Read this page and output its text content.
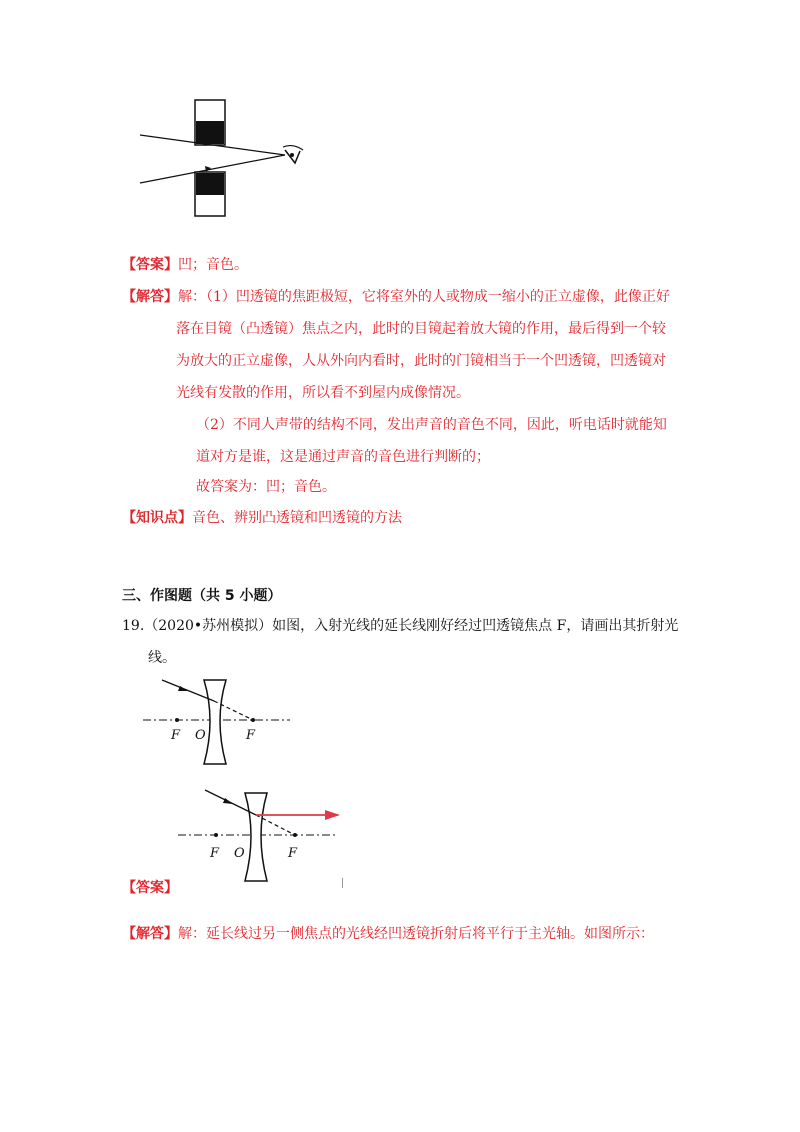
【答案】凹；音色。
【解答】解：（1）凹透镜的焦距极短，它将室外的人或物成一缩小的正立虚像，此像正好
落在目镜（凸透镜）焦点之内，此时的目镜起着放大镜的作用，最后得到一个较
为放大的正立虚像，人从外向内看时，此时的门镜相当于一个凹透镜，凹透镜对
光线有发散的作用，所以看不到屋内成像情况。
（2）不同人声带的结构不同，发出声音的音色不同，因此，听电话时就能知
道对方是谁，这是通过声音的音色进行判断的；
故答案为：凹；音色。
【知识点】音色、辨别凸透镜和凹透镜的方法
三、作图题（共 5 小题）
19.（2020•苏州模拟）如图，入射光线的延长线刚好经过凹透镜焦点 F，请画出其折射光
线。
F O	F
F O	F
【答案】
【解答】解：延长线过另一侧焦点的光线经凹透镜折射后将平行于主光轴。如图所示：
